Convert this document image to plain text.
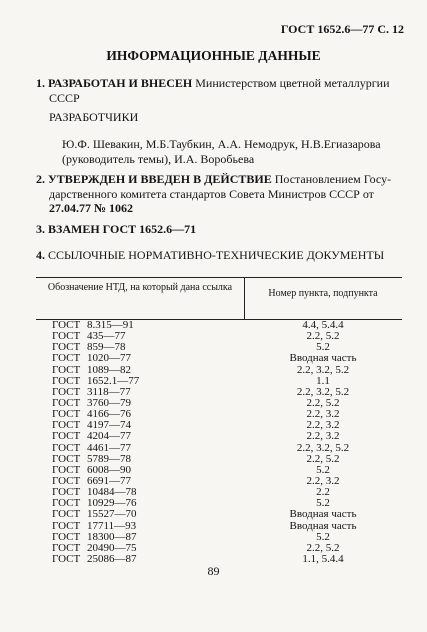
ГОСТ 1652.6—77 С. 12
ИНФОРМАЦИОННЫЕ ДАННЫЕ
1. РАЗРАБОТАН И ВНЕСЕН Министерством цветной металлургии
СССР
РАЗРАБОТЧИКИ
Ю.Ф. Шевакин, М.Б.Таубкин, А.А. Немодрук, Н.В.Егиазарова
(руководитель темы), И.А. Воробьева
2. УТВЕРЖДЕН И ВВЕДЕН В ДЕЙСТВИЕ Постановлением Госу-
дарственного комитета стандартов Совета Министров СССР от
27.04.77 № 1062
3. ВЗАМЕН ГОСТ 1652.6—71
4. ССЫЛОЧНЫЕ НОРМАТИВНО-ТЕХНИЧЕСКИЕ ДОКУМЕНТЫ
Обозначение НТД, на который дана ссылка
Номер пункта, подпункта
ГОСТ 8.315—91	4.4, 5.4.4
ГОСТ 435—77	2.2, 5.2
ГОСТ 859—78	5.2
ГОСТ 1020—77	Вводная часть
ГОСТ 1089—82	2.2, 3.2, 5.2
ГОСТ 1652.1—77	1.1
ГОСТ 3118—77	2.2, 3.2, 5.2
ГОСТ 3760—79	2.2, 5.2
ГОСТ 4166—76	2.2, 3.2
ГОСТ 4197—74	2.2, 3.2
ГОСТ 4204—77	2.2, 3.2
ГОСТ 4461—77	2.2, 3.2, 5.2
ГОСТ 5789—78	2.2, 5.2
ГОСТ 6008—90	5.2
ГОСТ 6691—77	2.2, 3.2
ГОСТ 10484—78	2.2
ГОСТ 10929—76	5.2
ГОСТ 15527—70	Вводная часть
ГОСТ 17711—93	Вводная часть
ГОСТ 18300—87	5.2
ГОСТ 20490—75	2.2, 5.2
ГОСТ 25086—87	1.1, 5.4.4
89
